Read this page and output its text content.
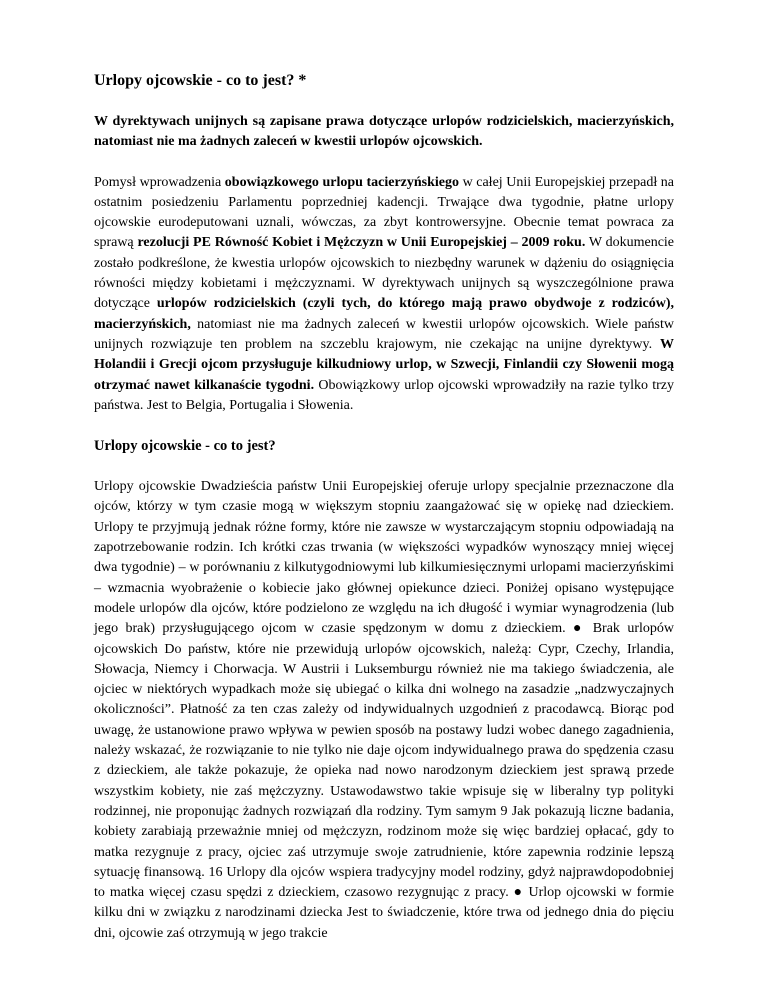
Urlopy ojcowskie - co to jest? *

W dyrektywach unijnych są zapisane prawa dotyczące urlopów rodzicielskich, macierzyńskich, natomiast nie ma żadnych zaleceń w kwestii urlopów ojcowskich.

Pomysł wprowadzenia obowiązkowego urlopu tacierzyńskiego w całej Unii Europejskiej przepadł na ostatnim posiedzeniu Parlamentu poprzedniej kadencji. Trwające dwa tygodnie, płatne urlopy ojcowskie eurodeputowani uznali, wówczas, za zbyt kontrowersyjne. Obecnie temat powraca za sprawą rezolucji PE Równość Kobiet i Mężczyzn w Unii Europejskiej – 2009 roku. W dokumencie zostało podkreślone, że kwestia urlopów ojcowskich to niezbędny warunek w dążeniu do osiągnięcia równości między kobietami i mężczyznami. W dyrektywach unijnych są wyszczególnione prawa dotyczące urlopów rodzicielskich (czyli tych, do którego mają prawo obydwoje z rodziców), macierzyńskich, natomiast nie ma żadnych zaleceń w kwestii urlopów ojcowskich. Wiele państw unijnych rozwiązuje ten problem na szczeblu krajowym, nie czekając na unijne dyrektywy. W Holandii i Grecji ojcom przysługuje kilkudniowy urlop, w Szwecji, Finlandii czy Słowenii mogą otrzymać nawet kilkanaście tygodni. Obowiązkowy urlop ojcowski wprowadziły na razie tylko trzy państwa. Jest to Belgia, Portugalia i Słowenia.

Urlopy ojcowskie - co to jest?

Urlopy ojcowskie Dwadzieścia państw Unii Europejskiej oferuje urlopy specjalnie przeznaczone dla ojców, którzy w tym czasie mogą w większym stopniu zaangażować się w opiekę nad dzieckiem. Urlopy te przyjmują jednak różne formy, które nie zawsze w wystarczającym stopniu odpowiadają na zapotrzebowanie rodzin. Ich krótki czas trwania (w większości wypadków wynoszący mniej więcej dwa tygodnie) – w porównaniu z kilkutygodniowymi lub kilkumiesięcznymi urlopami macierzyńskimi – wzmacnia wyobrażenie o kobiecie jako głównej opiekunce dzieci. Poniżej opisano występujące modele urlopów dla ojców, które podzielono ze względu na ich długość i wymiar wynagrodzenia (lub jego brak) przysługującego ojcom w czasie spędzonym w domu z dzieckiem. ● Brak urlopów ojcowskich Do państw, które nie przewidują urlopów ojcowskich, należą: Cypr, Czechy, Irlandia, Słowacja, Niemcy i Chorwacja. W Austrii i Luksemburgu również nie ma takiego świadczenia, ale ojciec w niektórych wypadkach może się ubiegać o kilka dni wolnego na zasadzie „nadzwyczajnych okoliczności”. Płatność za ten czas zależy od indywidualnych uzgodnień z pracodawcą. Biorąc pod uwagę, że ustanowione prawo wpływa w pewien sposób na postawy ludzi wobec danego zagadnienia, należy wskazać, że rozwiązanie to nie tylko nie daje ojcom indywidualnego prawa do spędzenia czasu z dzieckiem, ale także pokazuje, że opieka nad nowo narodzonym dzieckiem jest sprawą przede wszystkim kobiety, nie zaś mężczyzny. Ustawodawstwo takie wpisuje się w liberalny typ polityki rodzinnej, nie proponując żadnych rozwiązań dla rodziny. Tym samym 9 Jak pokazują liczne badania, kobiety zarabiają przeważnie mniej od mężczyzn, rodzinom może się więc bardziej opłacać, gdy to matka rezygnuje z pracy, ojciec zaś utrzymuje swoje zatrudnienie, które zapewnia rodzinie lepszą sytuację finansową. 16 Urlopy dla ojców wspiera tradycyjny model rodziny, gdyż najprawdopodobniej to matka więcej czasu spędzi z dzieckiem, czasowo rezygnując z pracy. ● Urlop ojcowski w formie kilku dni w związku z narodzinami dziecka Jest to świadczenie, które trwa od jednego dnia do pięciu dni, ojcowie zaś otrzymują w jego trakcie
